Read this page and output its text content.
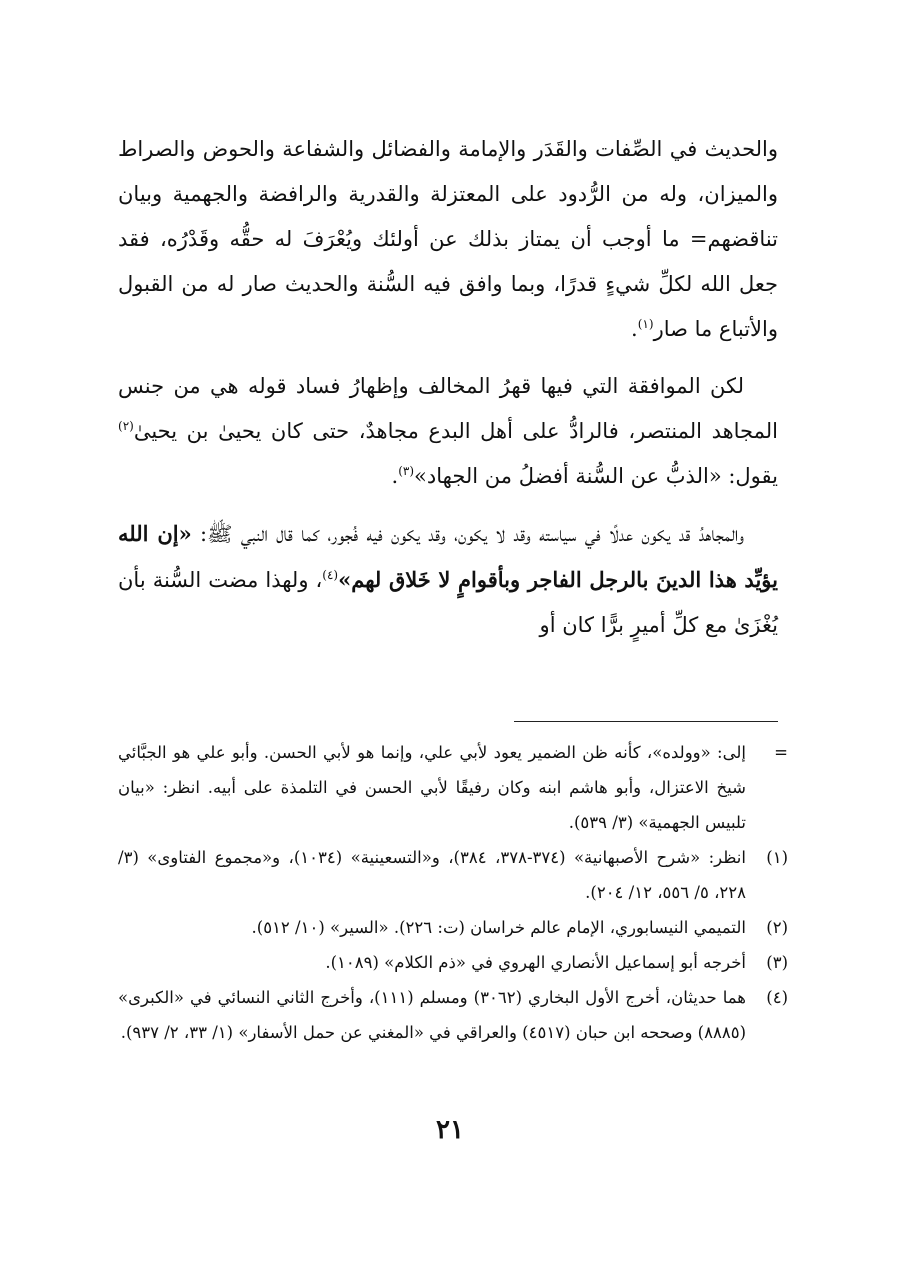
والحديث في الصِّفات والقَدَر والإمامة والفضائل والشفاعة والحوض والصراط والميزان، وله من الرُّدود على المعتزلة والقدرية والرافضة والجهمية وبيان تناقضهم= ما أوجب أن يمتاز بذلك عن أولئك ويُعْرَفَ له حقُّه وقَدْرُه، فقد جعل الله لكلِّ شيءٍ قدرًا، وبما وافق فيه السُّنة والحديث صار له من القبول والأتباع ما صار$^{(١)}$.

لكن الموافقة التي فيها قهرُ المخالف وإظهارُ فساد قوله هي من جنس المجاهد المنتصر، فالرادُّ على أهل البدع مجاهدٌ، حتى كان يحيىٰ بن يحيىٰ$^{(٢)}$ يقول: «الذبُّ عن السُّنة أفضلُ من الجهاد»$^{(٣)}$.

والمجاهدُ قد يكون عدلًا في سياسته وقد لا يكون، وقد يكون فيه فُجور، كما قال النبي ﷺ: «إن الله يؤيِّد هذا الدينَ بالرجل الفاجر وبأقوامٍ لا خَلاق لهم»$^{(٤)}$، ولهذا مضت السُّنة بأن يُغْزَىٰ مع كلِّ أميرٍ برًّا كان أو

=
إلى: «وولده»، كأنه ظن الضمير يعود لأبي علي، وإنما هو لأبي الحسن. وأبو علي هو الجبَّائي شيخ الاعتزال، وأبو هاشم ابنه وكان رفيقًا لأبي الحسن في التلمذة على أبيه. انظر: «بيان تلبيس الجهمية» (٣/ ٥٣٩).
(١)
انظر: «شرح الأصبهانية» (٣٧٤-٣٧٨، ٣٨٤)، و«التسعينية» (١٠٣٤)، و«مجموع الفتاوى» (٣/ ٢٢٨، ٥/ ٥٥٦، ١٢/ ٢٠٤).
(٢)
التميمي النيسابوري، الإمام عالم خراسان (ت: ٢٢٦). «السير» (١٠/ ٥١٢).
(٣)
أخرجه أبو إسماعيل الأنصاري الهروي في «ذم الكلام» (١٠٨٩).
(٤)
هما حديثان، أخرج الأول البخاري (٣٠٦٢) ومسلم (١١١)، وأخرج الثاني النسائي في «الكبرى» (٨٨٨٥) وصححه ابن حبان (٤٥١٧) والعراقي في «المغني عن حمل الأسفار» (١/ ٣٣، ٢/ ٩٣٧).
٢١
